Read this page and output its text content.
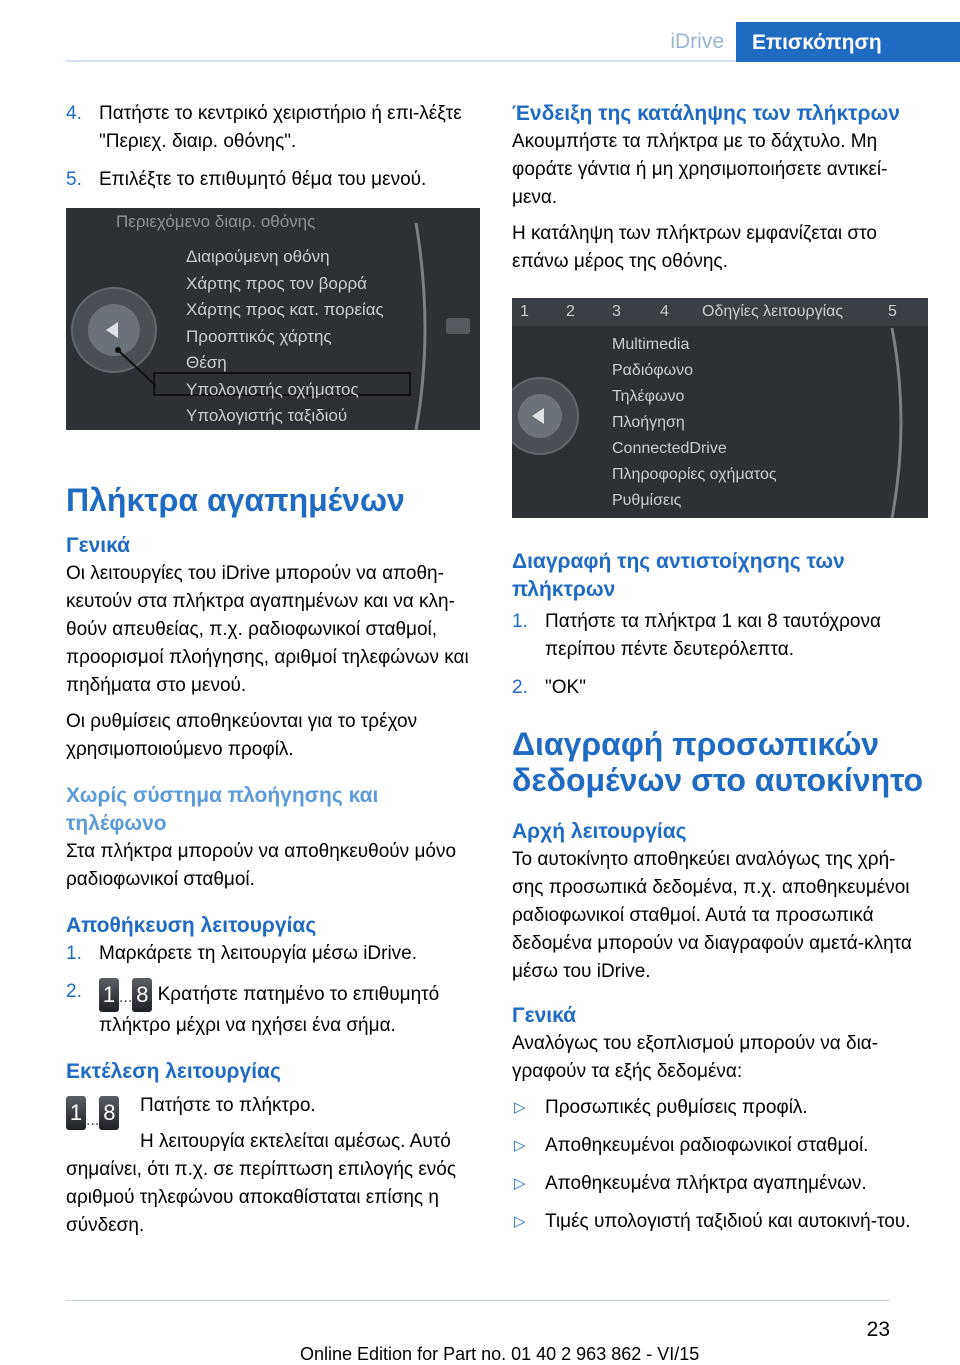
iDrive	Επισκόπηση
4. Πατήστε το κεντρικό χειριστήριο ή επι-λέξτε "Περιεχ. διαιρ. οθόνης".
5. Επιλέξτε το επιθυμητό θέμα του μενού.
Περιεχόμενο διαιρ. οθόνης
Διαιρούμενη οθόνη
Χάρτης προς τον βορρά
Χάρτης προς κατ. πορείας
Προοπτικός χάρτης
Θέση
Υπολογιστής οχήματος
Υπολογιστής ταξιδιού
Πλήκτρα αγαπημένων
Γενικά

Οι λειτουργίες του iDrive μπορούν να αποθη-κευτούν στα πλήκτρα αγαπημένων και να κλη-θούν απευθείας, π.χ. ραδιοφωνικοί σταθμοί, προορισμοί πλοήγησης, αριθμοί τηλεφώνων και πηδήματα στο μενού.

Οι ρυθμίσεις αποθηκεύονται για το τρέχον χρησιμοποιούμενο προφίλ.

Χωρίς σύστημα πλοήγησης και τηλέφωνο

Στα πλήκτρα μπορούν να αποθηκευθούν μόνο ραδιοφωνικοί σταθμοί.

Αποθήκευση λειτουργίας
1. Μαρκάρετε τη λειτουργία μέσω iDrive.
2. 1 ... 8 Κρατήστε πατημένο το επιθυμητό πλήκτρο μέχρι να ηχήσει ένα σήμα.
Εκτέλεση λειτουργίας
1 ... 8 Πατήστε το πλήκτρο.

Η λειτουργία εκτελείται αμέσως. Αυτό σημαίνει, ότι π.χ. σε περίπτωση επιλογής ενός αριθμού τηλεφώνου αποκαθίσταται επίσης η σύνδεση.

Ένδειξη της κατάληψης των πλήκτρων

Ακουμπήστε τα πλήκτρα με το δάχτυλο. Μη φοράτε γάντια ή μη χρησιμοποιήσετε αντικεί-μενα.

Η κατάληψη των πλήκτρων εμφανίζεται στο επάνω μέρος της οθόνης.

1 2 3 4 Οδηγίες λειτουργίας	5
Multimedia
Ραδιόφωνο
Τηλέφωνο
Πλοήγηση
ConnectedDrive
Πληροφορίες οχήματος
Ρυθμίσεις
Διαγραφή της αντιστοίχησης των πλήκτρων
1. Πατήστε τα πλήκτρα 1 και 8 ταυτόχρονα περίπου πέντε δευτερόλεπτα.
2. "OK"
Διαγραφή προσωπικών δεδομένων στο αυτοκίνητο
Αρχή λειτουργίας

Το αυτοκίνητο αποθηκεύει αναλόγως της χρή-σης προσωπικά δεδομένα, π.χ. αποθηκευμένοι ραδιοφωνικοί σταθμοί. Αυτά τα προσωπικά δεδομένα μπορούν να διαγραφούν αμετά-κλητα μέσω του iDrive.

Γενικά

Αναλόγως του εξοπλισμού μπορούν να δια-γραφούν τα εξής δεδομένα:

▷ Προσωπικές ρυθμίσεις προφίλ.
▷ Αποθηκευμένοι ραδιοφωνικοί σταθμοί.
▷ Αποθηκευμένα πλήκτρα αγαπημένων.
▷ Τιμές υπολογιστή ταξιδιού και αυτοκινή-του.
23
Online Edition for Part no. 01 40 2 963 862 - VI/15
